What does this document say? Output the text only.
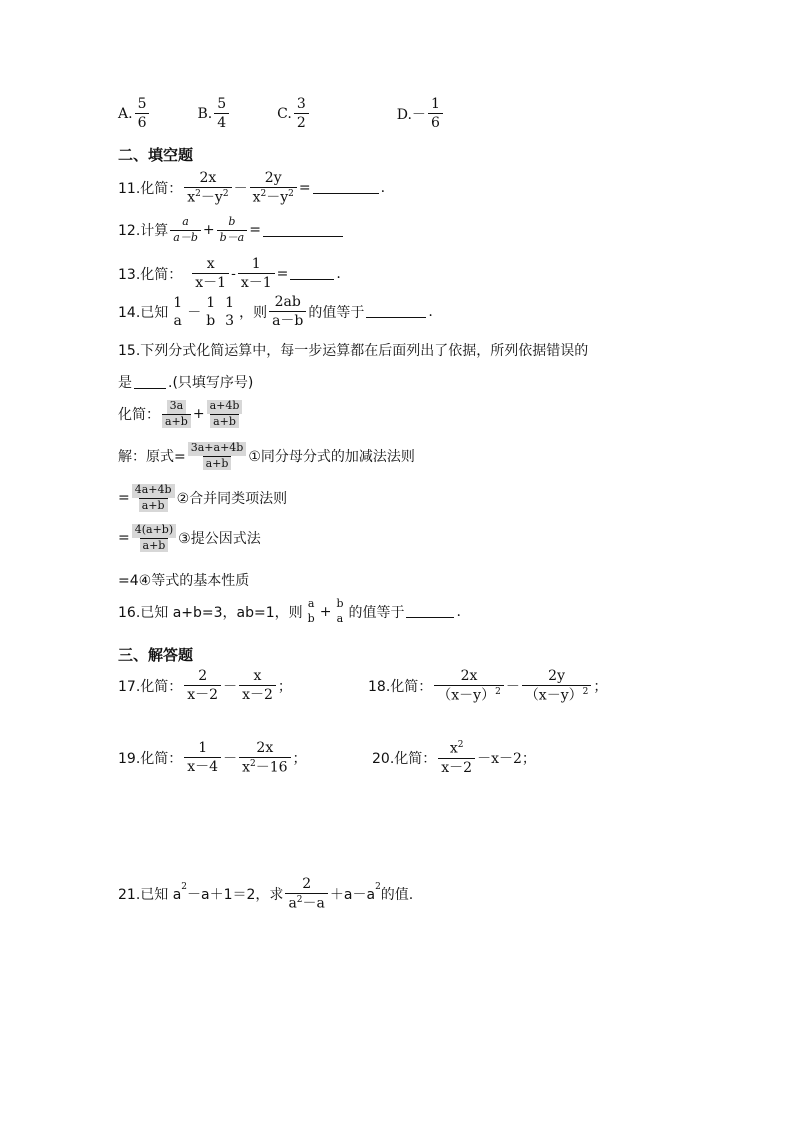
A. $\frac{5}{6}$	B. $\frac{5}{4}$	C. $\frac{3}{2}$	$D.- \frac{1}{6}$
二、填空题
11.化简： $\frac{2x}{x^2-y^2} - \frac{2y}{x^2-y^2}$ =	.
12.计算 $\frac{a}{a-b} + \frac{b}{b-a}$ =
13.化简： $\frac{x}{x-1} - \frac{1}{x-1}$ =	.
14.已知
1
a －
1
b
1
3 ，则 $\frac{2ab}{a-b}$ 的值等于	.
15.下列分式化简运算中，每一步运算都在后面列出了依据，所列依据错误的
是	.(只填写序号)
化简： $\frac{3a}{a+b} + \frac{a+4b}{a+b}$
解：原式= $\frac{3a+a+4b}{a+b}$ ①同分母分式的加减法法则
= $\frac{4a+4b}{a+b}$ ②合并同类项法则
= $\frac{4(a+b)}{a+b}$ ③提公因式法
=4④等式的基本性质
16.已知 a+b=3，ab=1，则
a
b +
b
a 的值等于	.
三、解答题
17.化简： $\frac{2}{x-2} - \frac{x}{x-2}$ ；	18.化简： $\frac{2x}{(x-y)^2} - \frac{2y}{(x-y)^2}$ ；
19.化简： $\frac{1}{x-4} - \frac{2x}{x^2-16}$ ；	20.化简： $\frac{x^2}{x-2} -x-2$；
21.已知 $a^2 -a+1=2$，求 $\frac{2}{a^2-a} +a-a^2$ 的值.
